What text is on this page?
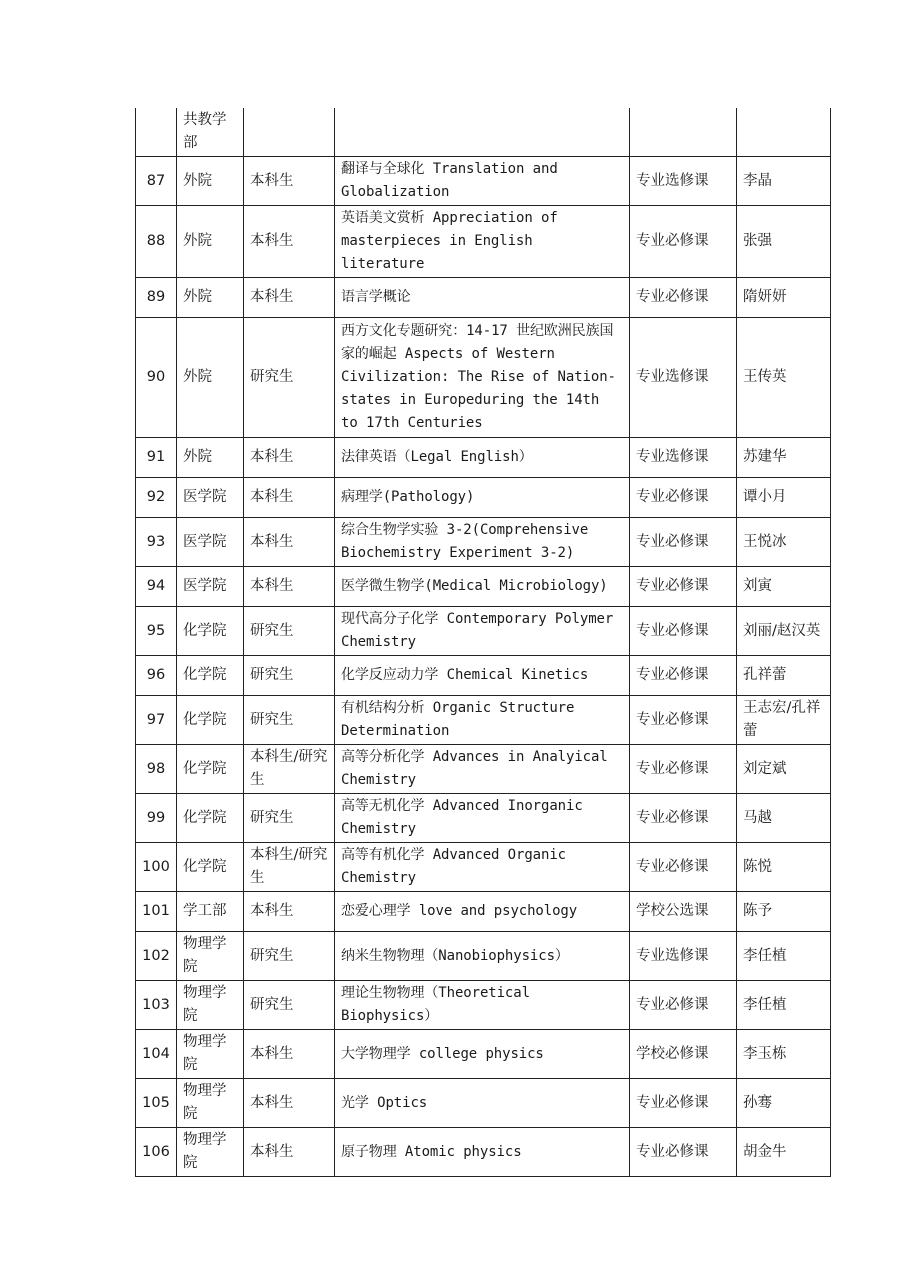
	共教学部				
87	外院	本科生	翻译与全球化 Translation and Globalization	专业选修课	李晶
88	外院	本科生	英语美文赏析 Appreciation of masterpieces in English literature	专业必修课	张强
89	外院	本科生	语言学概论	专业必修课	隋妍妍
90	外院	研究生	西方文化专题研究：14-17 世纪欧洲民族国家的崛起 Aspects of Western Civilization: The Rise of Nation-states in Europeduring the 14th to 17th Centuries	专业选修课	王传英
91	外院	本科生	法律英语（Legal English）	专业选修课	苏建华
92	医学院	本科生	病理学(Pathology)	专业必修课	谭小月
93	医学院	本科生	综合生物学实验 3-2(Comprehensive Biochemistry Experiment 3-2)	专业必修课	王悦冰
94	医学院	本科生	医学微生物学(Medical Microbiology)	专业必修课	刘寅
95	化学院	研究生	现代高分子化学 Contemporary Polymer Chemistry	专业必修课	刘丽/赵汉英
96	化学院	研究生	化学反应动力学 Chemical Kinetics	专业必修课	孔祥蕾
97	化学院	研究生	有机结构分析 Organic Structure Determination	专业必修课	王志宏/孔祥蕾
98	化学院	本科生/研究生	高等分析化学 Advances in Analyical Chemistry	专业必修课	刘定斌
99	化学院	研究生	高等无机化学 Advanced Inorganic Chemistry	专业必修课	马越
100	化学院	本科生/研究生	高等有机化学 Advanced Organic Chemistry	专业必修课	陈悦
101	学工部	本科生	恋爱心理学 love and psychology	学校公选课	陈予
102	物理学院	研究生	纳米生物物理（Nanobiophysics）	专业选修课	李任植
103	物理学院	研究生	理论生物物理（Theoretical Biophysics）	专业必修课	李任植
104	物理学院	本科生	大学物理学 college physics	学校必修课	李玉栋
105	物理学院	本科生	光学 Optics	专业必修课	孙骞
106	物理学院	本科生	原子物理 Atomic physics	专业必修课	胡金牛
